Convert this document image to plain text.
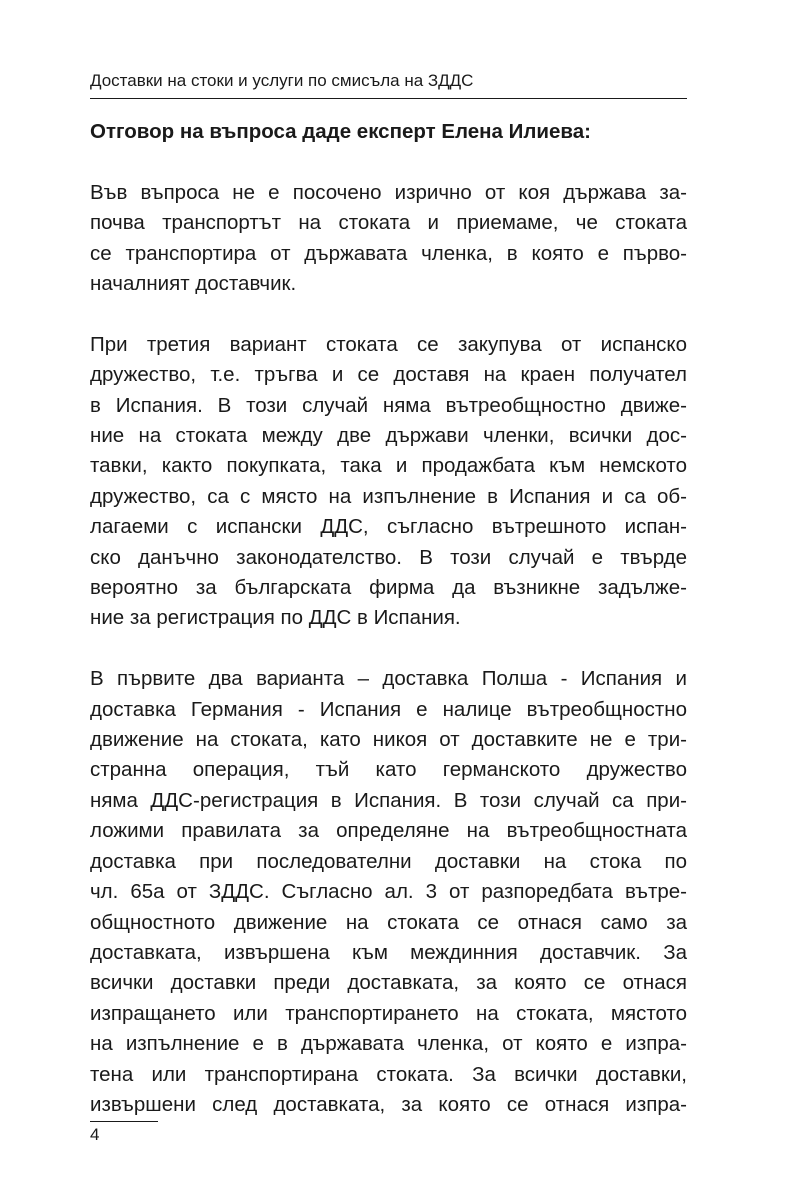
Доставки на стоки и услуги по смисъла на ЗДДС
Отговор на въпроса даде експерт Елена Илиева:
Във въпроса не е посочено изрично от коя държава за-
почва транспортът на стоката и приемаме, че стоката
се транспортира от държавата членка, в която е първо-
началният доставчик.
При третия вариант стоката се закупува от испанско
дружество, т.е. тръгва и се доставя на краен получател
в Испания. В този случай няма вътреобщностно движе-
ние на стоката между две държави членки, всички дос-
тавки, както покупката, така и продажбата към немското
дружество, са с място на изпълнение в Испания и са об-
лагаеми с испански ДДС, съгласно вътрешното испан-
ско данъчно законодателство. В този случай е твърде
вероятно за българската фирма да възникне задълже-
ние за регистрация по ДДС в Испания.
В първите два варианта – доставка Полша - Испания и
доставка Германия - Испания е налице вътреобщностно
движение на стоката, като никоя от доставките не е три-
странна операция, тъй като германското дружество
няма ДДС-регистрация в Испания. В този случай са при-
ложими правилата за определяне на вътреобщностната
доставка при последователни доставки на стока по
чл. 65а от ЗДДС. Съгласно ал. 3 от разпоредбата вътре-
общностното движение на стоката се отнася само за
доставката, извършена към междинния доставчик. За
всички доставки преди доставката, за която се отнася
изпращането или транспортирането на стоката, мястото
на изпълнение е в държавата членка, от която е изпра-
тена или транспортирана стоката. За всички доставки,
извършени след доставката, за която се отнася изпра-
4
